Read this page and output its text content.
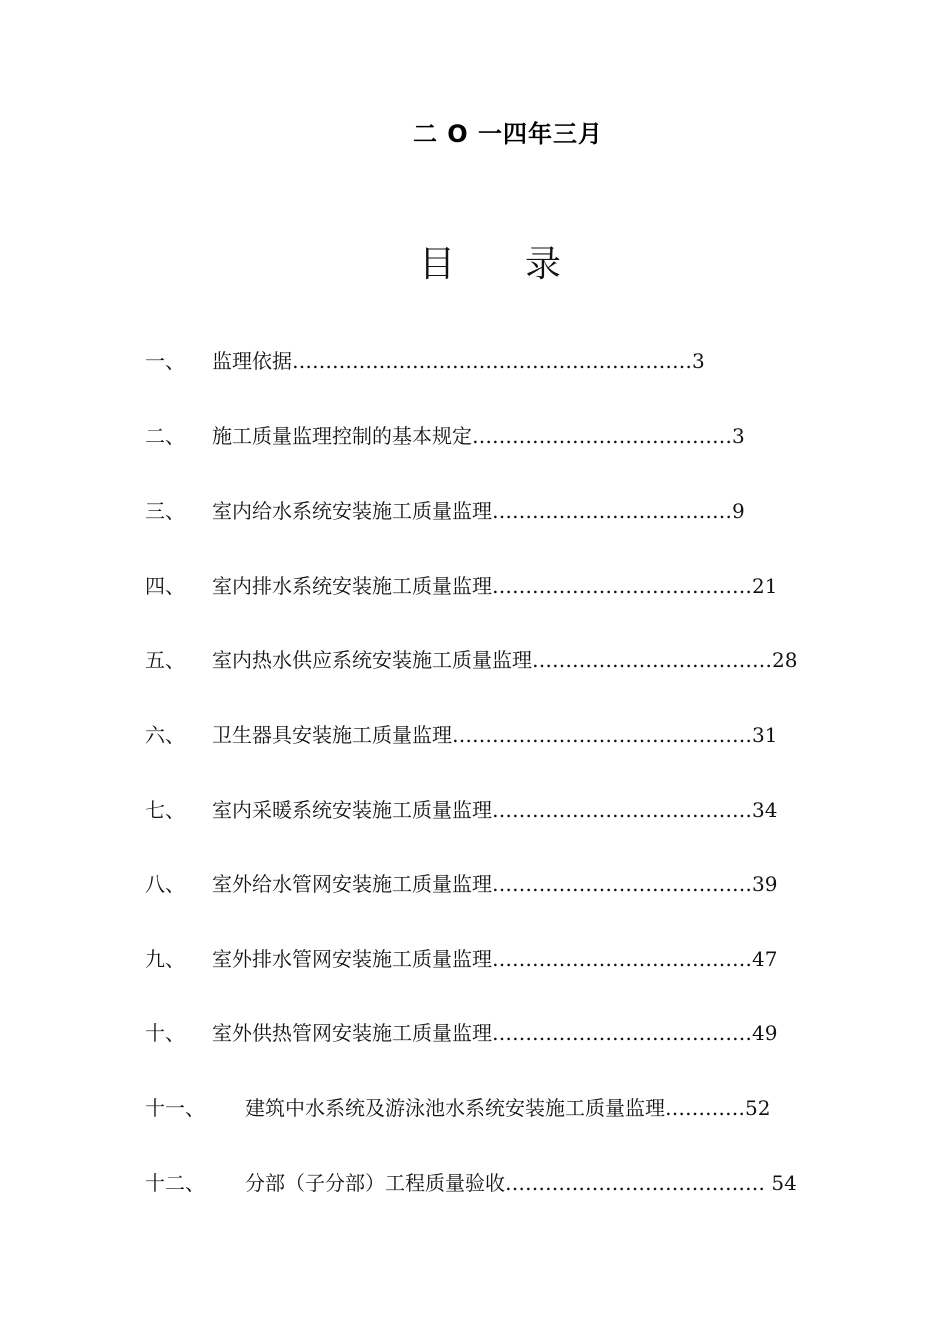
二 O 一四年三月
目 录
一、 监理依据……………………………………………………3
二、 施工质量监理控制的基本规定…………………………………3
三、 室内给水系统安装施工质量监理………………………………9
四、 室内排水系统安装施工质量监理…………………………………21
五、 室内热水供应系统安装施工质量监理………………………………28
六、 卫生器具安装施工质量监理………………………………………31
七、 室内采暖系统安装施工质量监理…………………………………34
八、 室外给水管网安装施工质量监理…………………………………39
九、 室外排水管网安装施工质量监理…………………………………47
十、 室外供热管网安装施工质量监理…………………………………49
十一、 建筑中水系统及游泳池水系统安装施工质量监理…………52
十二、 分部（子分部）工程质量验收………………………………… 54
